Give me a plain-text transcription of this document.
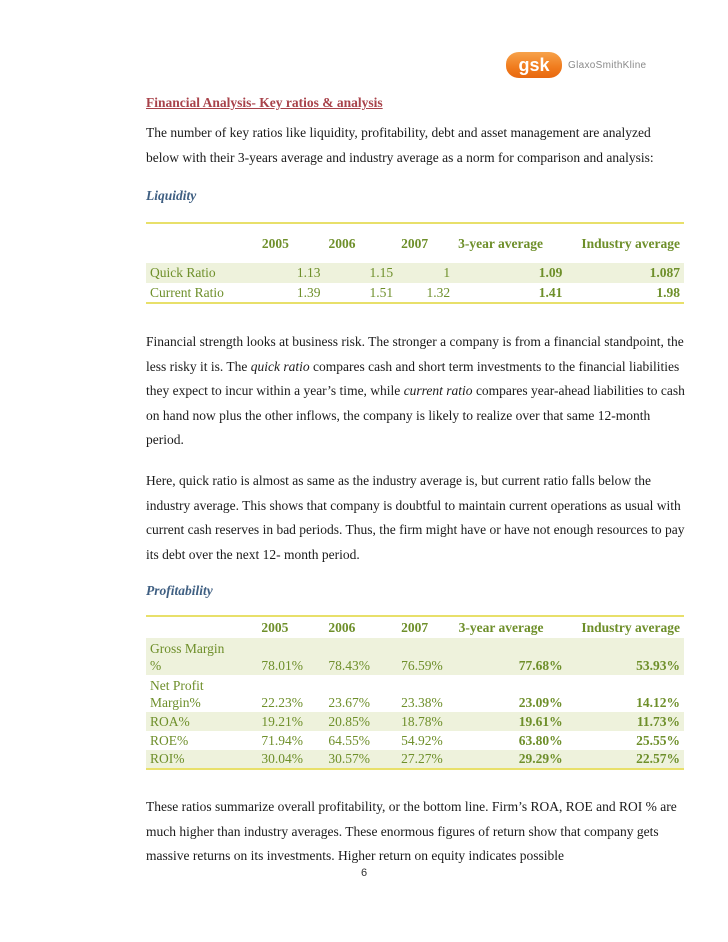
gsk	GlaxoSmithKline
Financial Analysis- Key ratios & analysis
The number of key ratios like liquidity, profitability, debt and asset management are analyzed below with their 3-years average and industry average as a norm for comparison and analysis:
Liquidity
	2005	2006	2007	3-year average	Industry average
Quick Ratio	1.13	1.15	1	1.09	1.087
Current Ratio	1.39	1.51	1.32	1.41	1.98
Financial strength looks at business risk. The stronger a company is from a financial standpoint, the less risky it is. The quick ratio compares cash and short term investments to the financial liabilities they expect to incur within a year’s time, while current ratio compares year-ahead liabilities to cash on hand now plus the other inflows, the company is likely to realize over that same 12-month period.
Here, quick ratio is almost as same as the industry average is, but current ratio falls below the industry average. This shows that company is doubtful to maintain current operations as usual with current cash reserves in bad periods. Thus, the firm might have or have not enough resources to pay its debt over the next 12- month period.
Profitability
	2005	2006	2007	3-year average	Industry average

Gross Margin
%	78.01%	78.43%	76.59%	77.68%	53.93%

Net Profit
Margin%	22.23%	23.67%	23.38%	23.09%	14.12%
ROA%	19.21%	20.85%	18.78%	19.61%	11.73%
ROE%	71.94%	64.55%	54.92%	63.80%	25.55%
ROI%	30.04%	30.57%	27.27%	29.29%	22.57%
These ratios summarize overall profitability, or the bottom line. Firm’s ROA, ROE and ROI % are much higher than industry averages. These enormous figures of return show that company gets massive returns on its investments. Higher return on equity indicates possible
6
